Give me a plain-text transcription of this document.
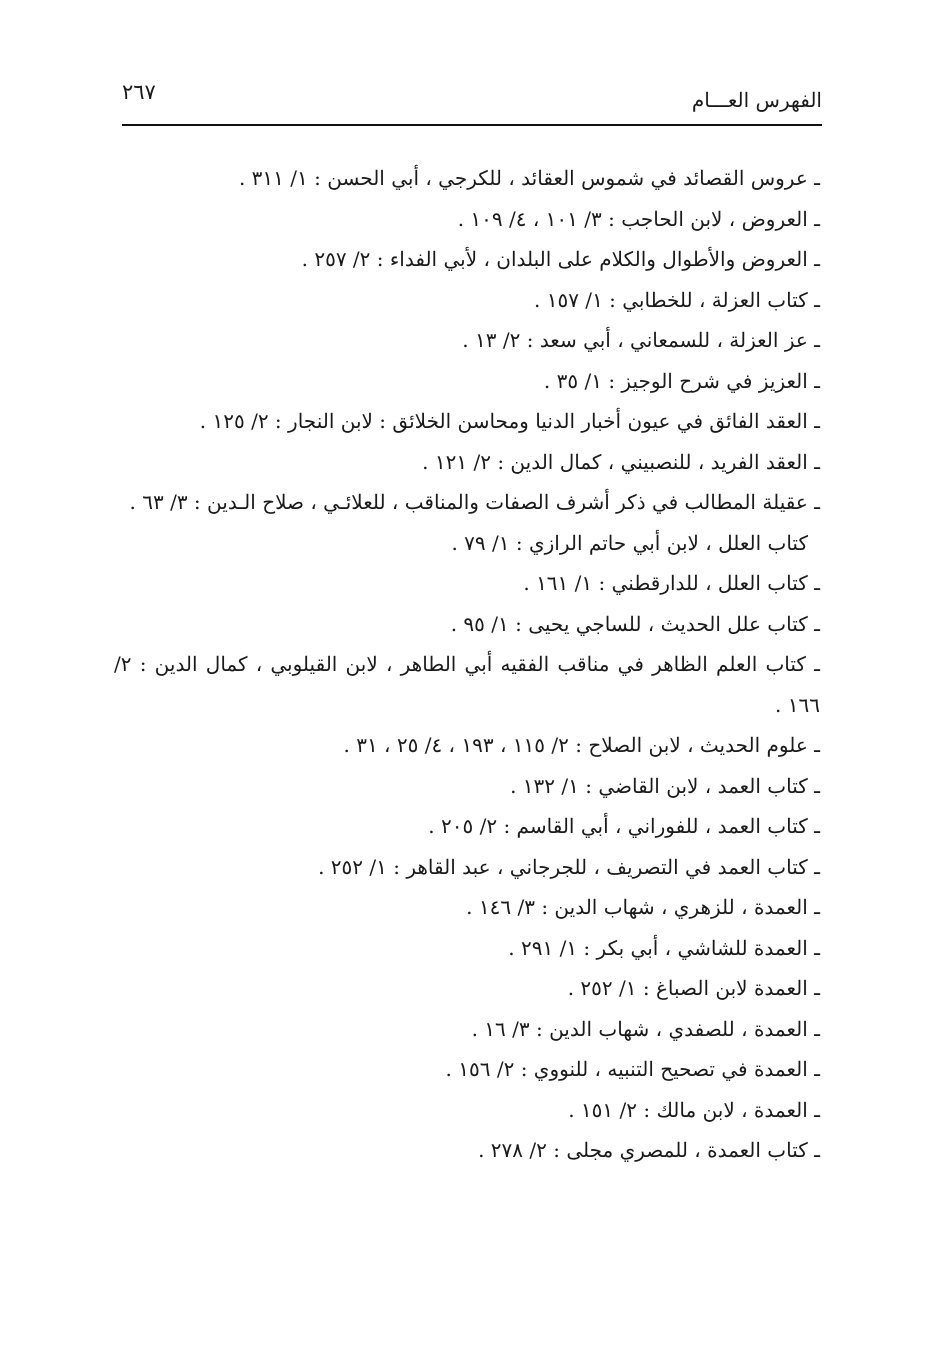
الفهرس العـــام
٢٦٧
ـ عروس القصائد في شموس العقائد ، للكرجي ، أبي الحسن : ١/ ٣١١ .
ـ العروض ، لابن الحاجب : ٣/ ١٠١ ، ٤/ ١٠٩ .
ـ العروض والأطوال والكلام على البلدان ، لأبي الفداء : ٢/ ٢٥٧ .
ـ كتاب العزلة ، للخطابي : ١/ ١٥٧ .
ـ عز العزلة ، للسمعاني ، أبي سعد : ٢/ ١٣ .
ـ العزيز في شرح الوجيز : ١/ ٣٥ .
ـ العقد الفائق في عيون أخبار الدنيا ومحاسن الخلائق : لابن النجار : ٢/ ١٢٥ .
ـ العقد الفريد ، للنصبيني ، كمال الدين : ٢/ ١٢١ .
ـ عقيلة المطالب في ذكر أشرف الصفات والمناقب ، للعلائـي ، صلاح الـدين : ٣/ ٦٣ .
كتاب العلل ، لابن أبي حاتم الرازي : ١/ ٧٩ .
ـ كتاب العلل ، للدارقطني : ١/ ١٦١ .
ـ كتاب علل الحديث ، للساجي يحيى : ١/ ٩٥ .
ـ كتاب العلم الظاهر في مناقب الفقيه أبي الطاهر ، لابن القيلوبي ، كمال الدين : ٢/ ١٦٦ .
ـ علوم الحديث ، لابن الصلاح : ٢/ ١١٥ ، ١٩٣ ، ٤/ ٢٥ ، ٣١ .
ـ كتاب العمد ، لابن القاضي : ١/ ١٣٢ .
ـ كتاب العمد ، للفوراني ، أبي القاسم : ٢/ ٢٠٥ .
ـ كتاب العمد في التصريف ، للجرجاني ، عبد القاهر : ١/ ٢٥٢ .
ـ العمدة ، للزهري ، شهاب الدين : ٣/ ١٤٦ .
ـ العمدة للشاشي ، أبي بكر : ١/ ٢٩١ .
ـ العمدة لابن الصباغ : ١/ ٢٥٢ .
ـ العمدة ، للصفدي ، شهاب الدين : ٣/ ١٦ .
ـ العمدة في تصحيح التنبيه ، للنووي : ٢/ ١٥٦ .
ـ العمدة ، لابن مالك : ٢/ ١٥١ .
ـ كتاب العمدة ، للمصري مجلى : ٢/ ٢٧٨ .
